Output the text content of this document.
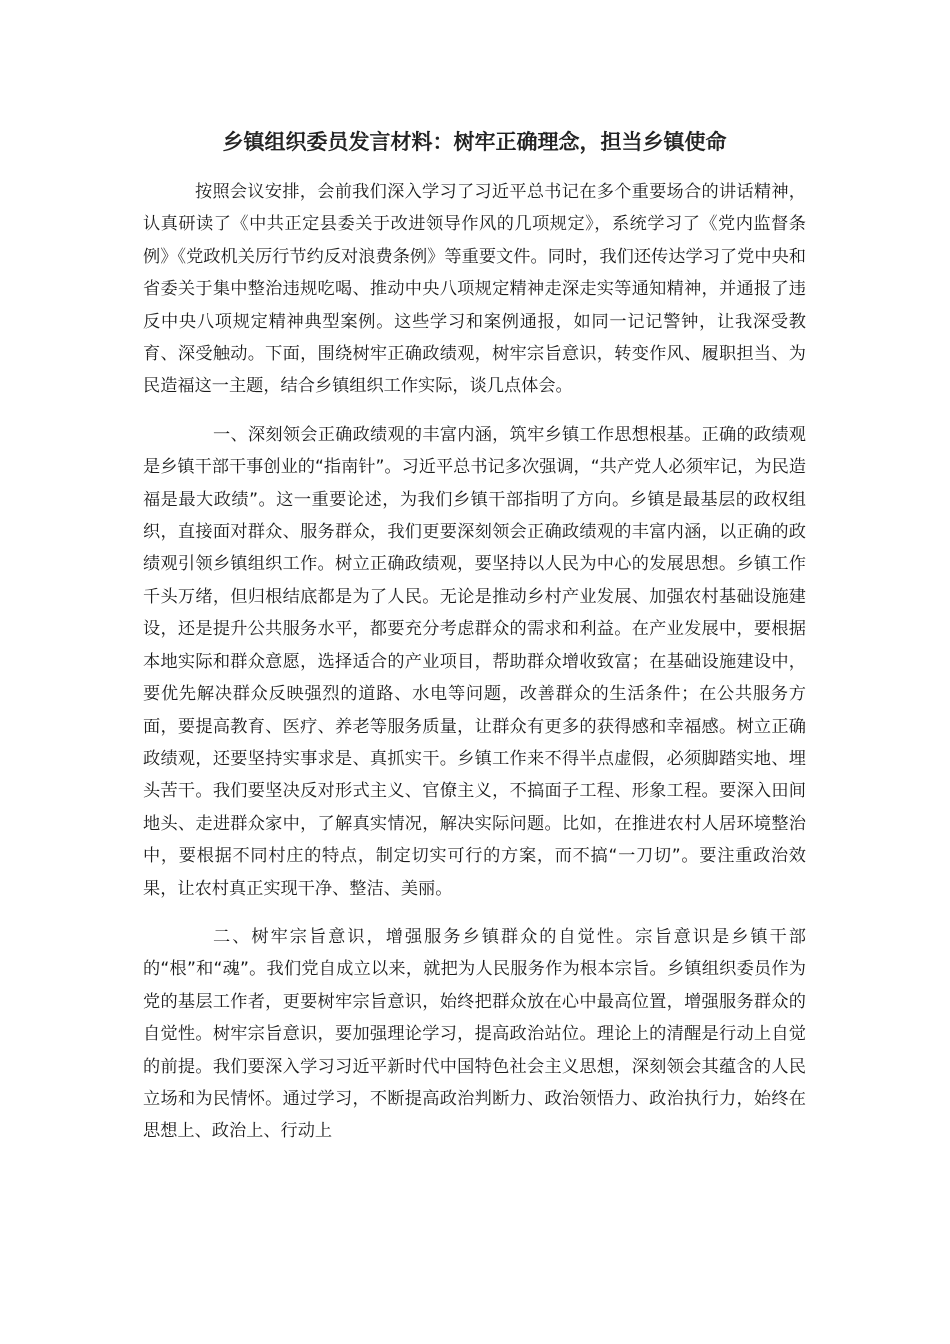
乡镇组织委员发言材料：树牢正确理念，担当乡镇使命

按照会议安排，会前我们深入学习了习近平总书记在多个重要场合的讲话精神，认真研读了《中共正定县委关于改进领导作风的几项规定》，系统学习了《党内监督条例》《党政机关厉行节约反对浪费条例》等重要文件。同时，我们还传达学习了党中央和省委关于集中整治违规吃喝、推动中央八项规定精神走深走实等通知精神，并通报了违反中央八项规定精神典型案例。这些学习和案例通报，如同一记记警钟，让我深受教育、深受触动。下面，围绕树牢正确政绩观，树牢宗旨意识，转变作风、履职担当、为民造福这一主题，结合乡镇组织工作实际，谈几点体会。

一、深刻领会正确政绩观的丰富内涵，筑牢乡镇工作思想根基。正确的政绩观是乡镇干部干事创业的“指南针”。习近平总书记多次强调，“共产党人必须牢记，为民造福是最大政绩”。这一重要论述，为我们乡镇干部指明了方向。乡镇是最基层的政权组织，直接面对群众、服务群众，我们更要深刻领会正确政绩观的丰富内涵，以正确的政绩观引领乡镇组织工作。树立正确政绩观，要坚持以人民为中心的发展思想。乡镇工作千头万绪，但归根结底都是为了人民。无论是推动乡村产业发展、加强农村基础设施建设，还是提升公共服务水平，都要充分考虑群众的需求和利益。在产业发展中，要根据本地实际和群众意愿，选择适合的产业项目，帮助群众增收致富；在基础设施建设中，要优先解决群众反映强烈的道路、水电等问题，改善群众的生活条件；在公共服务方面，要提高教育、医疗、养老等服务质量，让群众有更多的获得感和幸福感。树立正确政绩观，还要坚持实事求是、真抓实干。乡镇工作来不得半点虚假，必须脚踏实地、埋头苦干。我们要坚决反对形式主义、官僚主义，不搞面子工程、形象工程。要深入田间地头、走进群众家中，了解真实情况，解决实际问题。比如，在推进农村人居环境整治中，要根据不同村庄的特点，制定切实可行的方案，而不搞“一刀切”。要注重政治效果，让农村真正实现干净、整洁、美丽。

二、树牢宗旨意识，增强服务乡镇群众的自觉性。宗旨意识是乡镇干部的“根”和“魂”。我们党自成立以来，就把为人民服务作为根本宗旨。乡镇组织委员作为党的基层工作者，更要树牢宗旨意识，始终把群众放在心中最高位置，增强服务群众的自觉性。树牢宗旨意识，要加强理论学习，提高政治站位。理论上的清醒是行动上自觉的前提。我们要深入学习习近平新时代中国特色社会主义思想，深刻领会其蕴含的人民立场和为民情怀。通过学习，不断提高政治判断力、政治领悟力、政治执行力，始终在思想上、政治上、行动上
